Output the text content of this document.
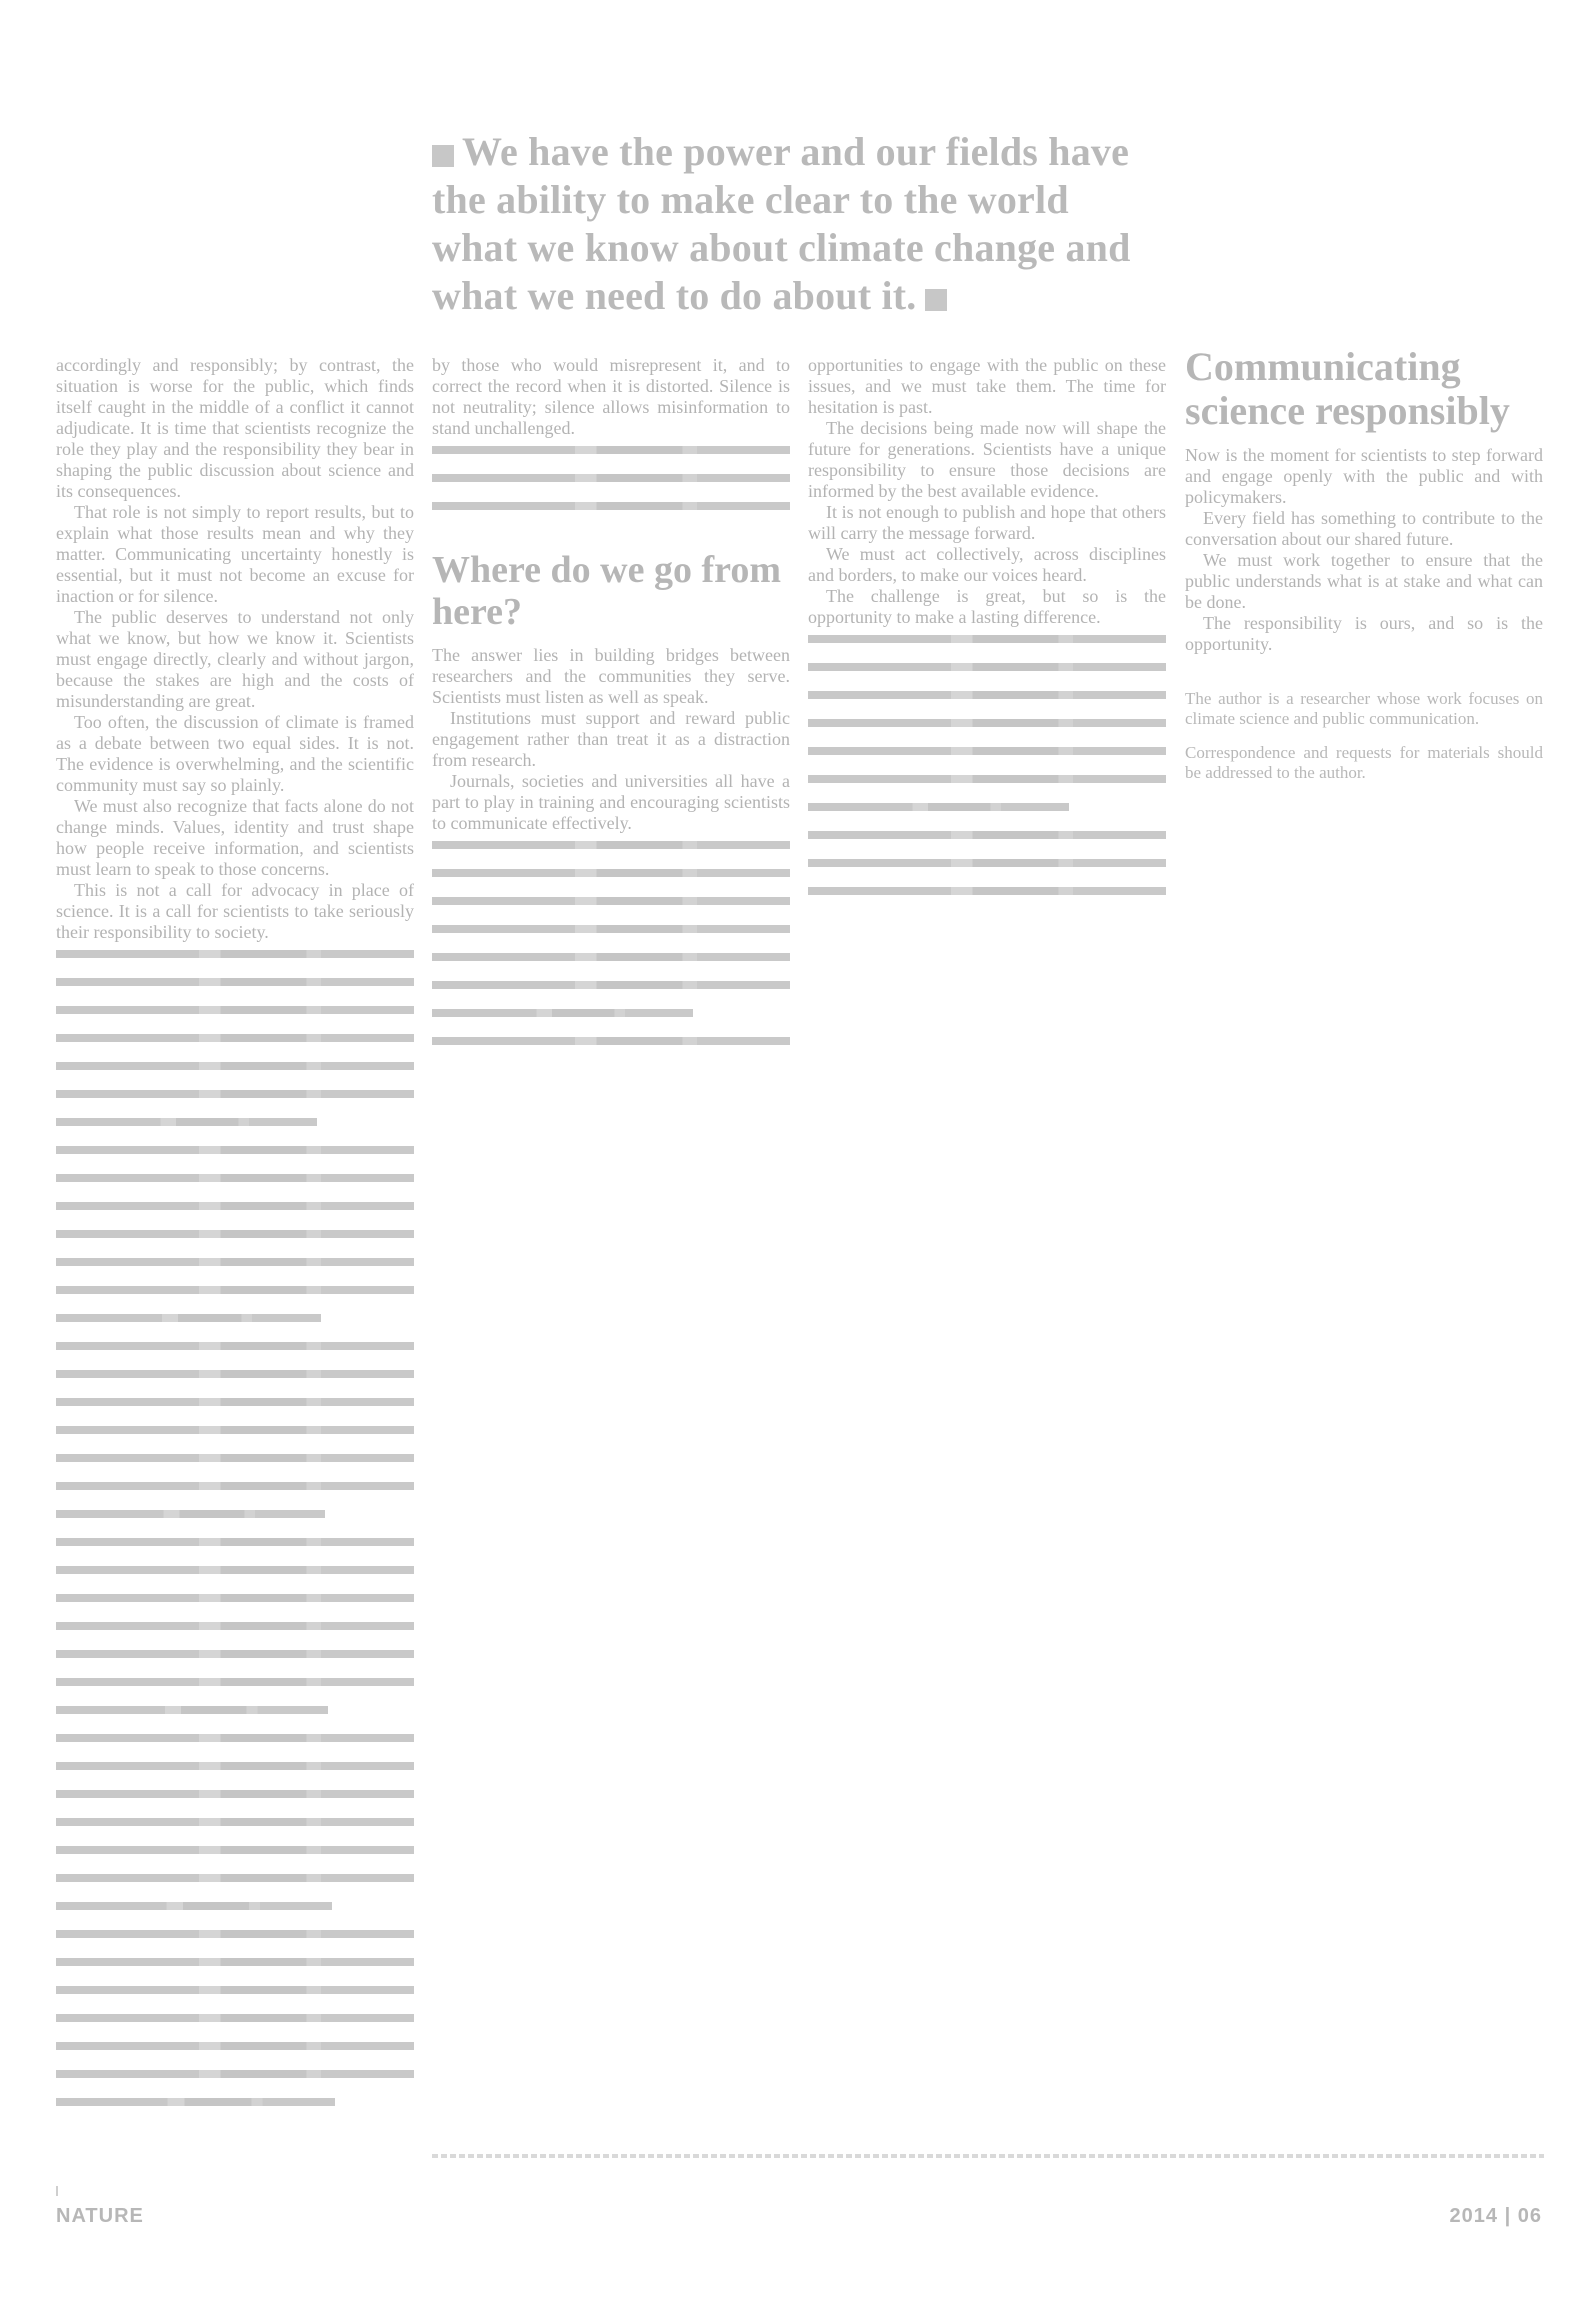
We have the power and our fields have the ability to make clear to the world what we know about climate change and what we need to do about it.

accordingly and responsibly; by contrast, the situation is worse for the public, which finds itself caught in the middle of a conflict it cannot adjudicate. It is time that scientists recognize the role they play and the responsibility they bear in shaping the public discussion about science and its consequences.

That role is not simply to report results, but to explain what those results mean and why they matter. Communicating uncertainty honestly is essential, but it must not become an excuse for inaction or for silence.

The public deserves to understand not only what we know, but how we know it. Scientists must engage directly, clearly and without jargon, because the stakes are high and the costs of misunderstanding are great.

Too often, the discussion of climate is framed as a debate between two equal sides. It is not. The evidence is overwhelming, and the scientific community must say so plainly.

We must also recognize that facts alone do not change minds. Values, identity and trust shape how people receive information, and scientists must learn to speak to those concerns.

This is not a call for advocacy in place of science. It is a call for scientists to take seriously their responsibility to society.

by those who would misrepresent it, and to correct the record when it is distorted. Silence is not neutrality; silence allows misinformation to stand unchallenged.

Where do we go from here?

The answer lies in building bridges between researchers and the communities they serve. Scientists must listen as well as speak.

Institutions must support and reward public engagement rather than treat it as a distraction from research.

Journals, societies and universities all have a part to play in training and encouraging scientists to communicate effectively.

opportunities to engage with the public on these issues, and we must take them. The time for hesitation is past.

The decisions being made now will shape the future for generations. Scientists have a unique responsibility to ensure those decisions are informed by the best available evidence.

It is not enough to publish and hope that others will carry the message forward.

We must act collectively, across disciplines and borders, to make our voices heard.

The challenge is great, but so is the opportunity to make a lasting difference.

Communicating science responsibly

Now is the moment for scientists to step forward and engage openly with the public and with policymakers.

Every field has something to contribute to the conversation about our shared future.

We must work together to ensure that the public understands what is at stake and what can be done.

The responsibility is ours, and so is the opportunity.

The author is a researcher whose work focuses on climate science and public communication.

Correspondence and requests for materials should be addressed to the author.

NATURE	2014 | 06
